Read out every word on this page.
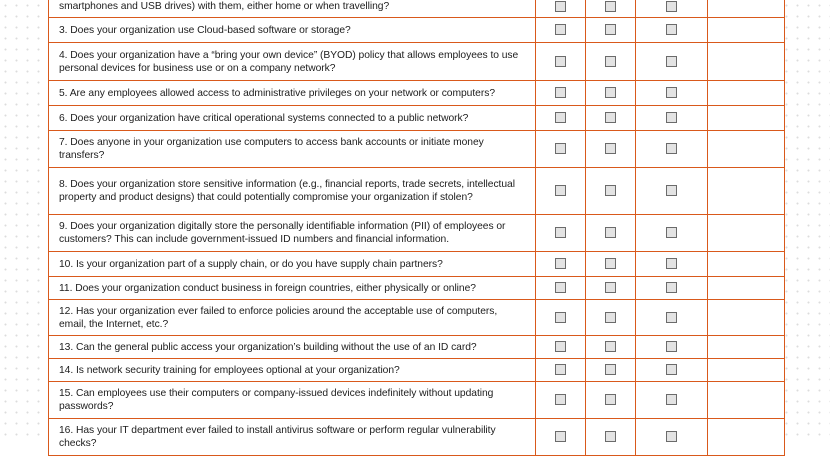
smartphones and USB drives) with them, either home or when travelling?				
3. Does your organization use Cloud-based software or storage?				
4. Does your organization have a “bring your own device” (BYOD) policy that allows employees to use personal devices for business use or on a company network?				
5. Are any employees allowed access to administrative privileges on your network or computers?				
6. Does your organization have critical operational systems connected to a public network?				
7. Does anyone in your organization use computers to access bank accounts or initiate money transfers?				
8. Does your organization store sensitive information (e.g., financial reports, trade secrets, intellectual property and product designs) that could potentially compromise your organization if stolen?				
9. Does your organization digitally store the personally identifiable information (PII) of employees or customers? This can include government-issued ID numbers and financial information.				
10. Is your organization part of a supply chain, or do you have supply chain partners?				
11. Does your organization conduct business in foreign countries, either physically or online?				
12. Has your organization ever failed to enforce policies around the acceptable use of computers, email, the Internet, etc.?				
13. Can the general public access your organization’s building without the use of an ID card?				
14. Is network security training for employees optional at your organization?				
15. Can employees use their computers or company-issued devices indefinitely without updating passwords?				
16. Has your IT department ever failed to install antivirus software or perform regular vulnerability checks?				
